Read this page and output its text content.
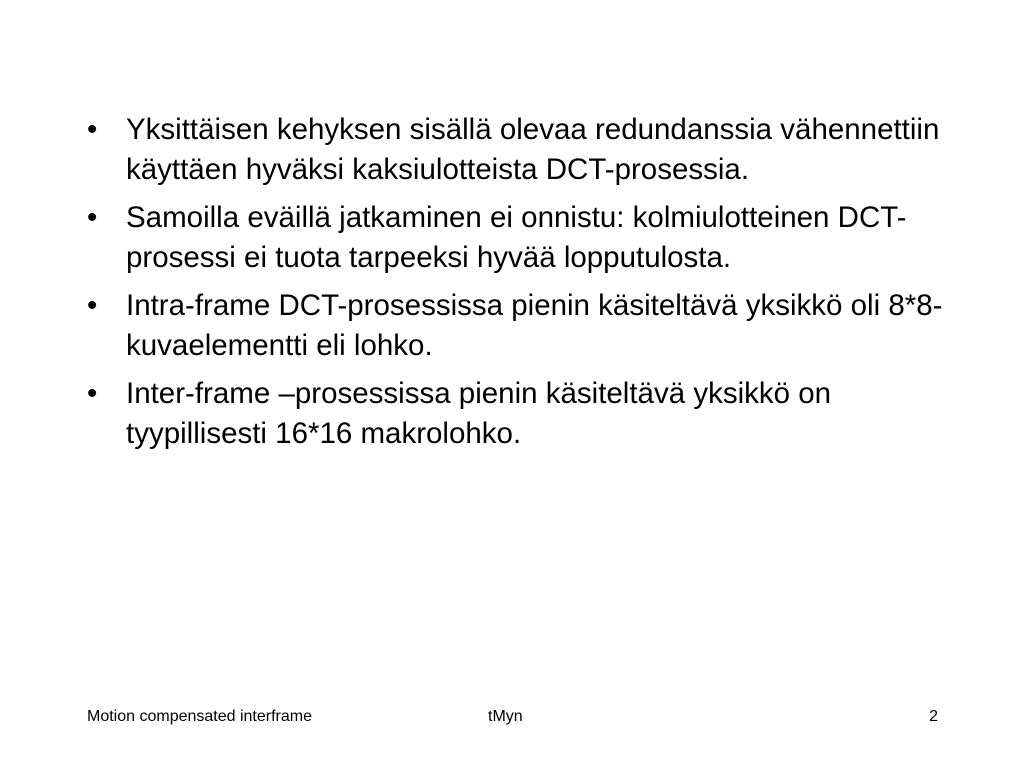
• Yksittäisen kehyksen sisällä olevaa redundanssia vähennettiin käyttäen hyväksi kaksiulotteista DCT-prosessia.
• Samoilla eväillä jatkaminen ei onnistu: kolmiulotteinen DCT-prosessi ei tuota tarpeeksi hyvää lopputulosta.
• Intra-frame DCT-prosessissa pienin käsiteltävä yksikkö oli 8*8-kuvaelementti eli lohko.
• Inter-frame –prosessissa pienin käsiteltävä yksikkö on tyypillisesti 16*16 makrolohko.
Motion compensated interframe	tMyn	2
